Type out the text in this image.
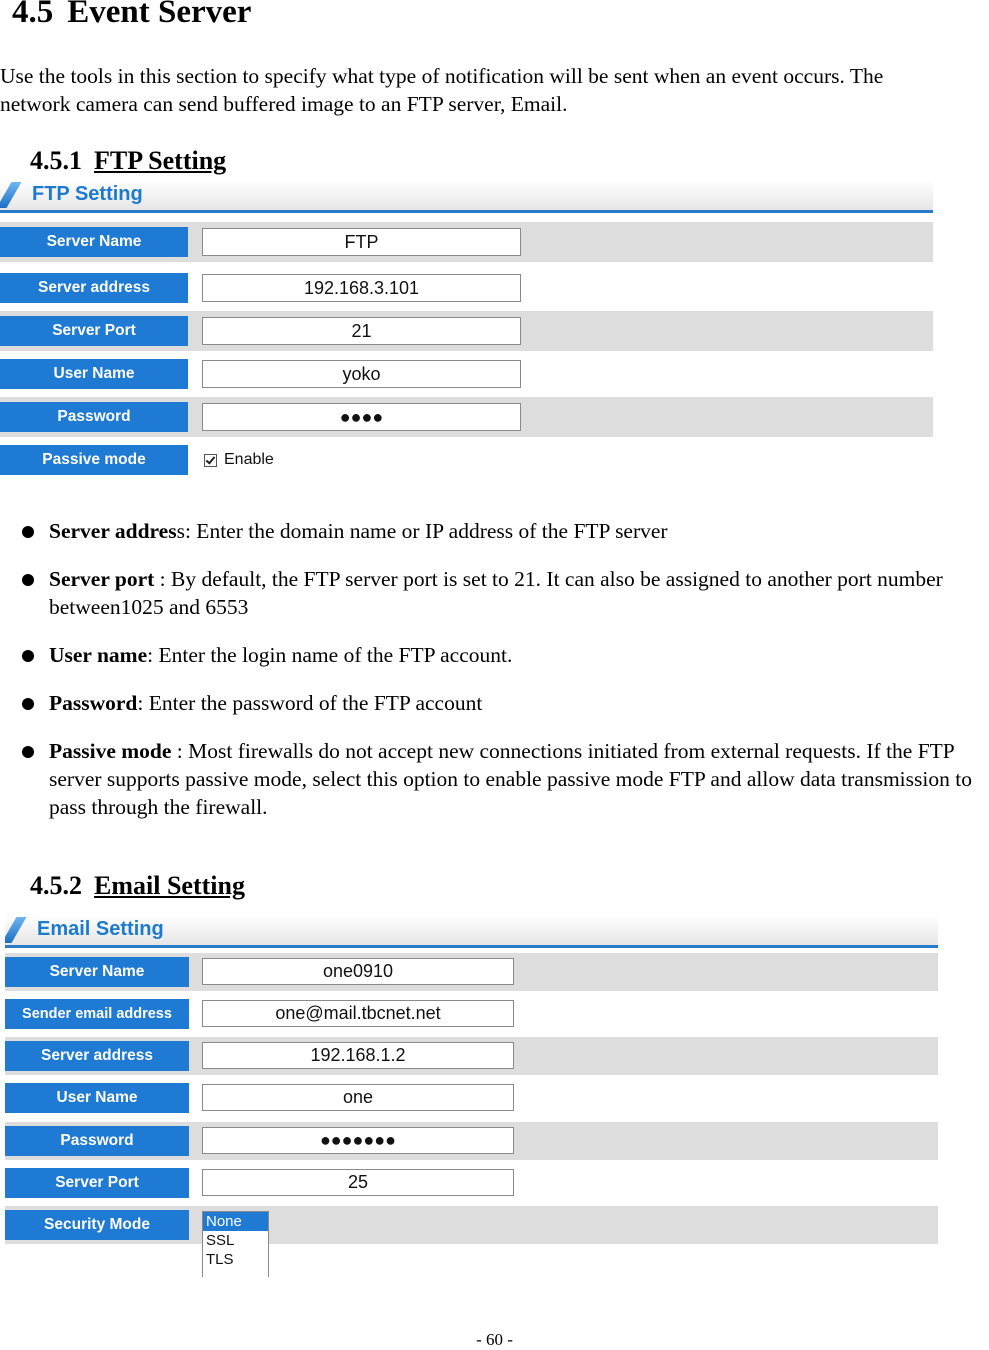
4.5 Event Server
Use the tools in this section to specify what type of notification will be sent when an event occurs. The network camera can send buffered image to an FTP server, Email.
4.5.1 FTP Setting
FTP Setting
Server Name	FTP
Server address	192.168.3.101
Server Port	21
User Name	yoko
Password	●●●●
Passive mode	Enable
Server address: Enter the domain name or IP address of the FTP server
Server port : By default, the FTP server port is set to 21. It can also be assigned to another port number between1025 and 6553
User name: Enter the login name of the FTP account.
Password: Enter the password of the FTP account
Passive mode : Most firewalls do not accept new connections initiated from external requests. If the FTP server supports passive mode, select this option to enable passive mode FTP and allow data transmission to pass through the firewall.
4.5.2 Email Setting
Email Setting
Server Name	one0910
Sender email address	one@mail.tbcnet.net
Server address	192.168.1.2
User Name	one
Password	●●●●●●●
Server Port	25
Security Mode	None
SSL
TLS
- 60 -
